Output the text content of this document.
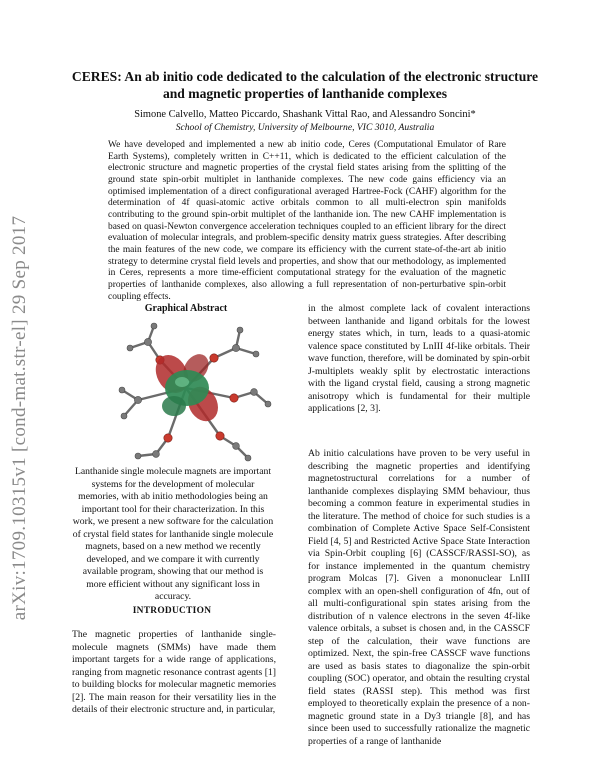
arXiv:1709.10315v1 [cond-mat.str-el] 29 Sep 2017
CERES: An ab initio code dedicated to the calculation of the electronic structure and magnetic properties of lanthanide complexes
Simone Calvello, Matteo Piccardo, Shashank Vittal Rao, and Alessandro Soncini*
School of Chemistry, University of Melbourne, VIC 3010, Australia
We have developed and implemented a new ab initio code, Ceres (Computational Emulator of Rare Earth Systems), completely written in C++11, which is dedicated to the efficient calculation of the electronic structure and magnetic properties of the crystal field states arising from the splitting of the ground state spin-orbit multiplet in lanthanide complexes. The new code gains efficiency via an optimised implementation of a direct configurational averaged Hartree-Fock (CAHF) algorithm for the determination of 4f quasi-atomic active orbitals common to all multi-electron spin manifolds contributing to the ground spin-orbit multiplet of the lanthanide ion. The new CAHF implementation is based on quasi-Newton convergence acceleration techniques coupled to an efficient library for the direct evaluation of molecular integrals, and problem-specific density matrix guess strategies. After describing the main features of the new code, we compare its efficiency with the current state-of-the-art ab initio strategy to determine crystal field levels and properties, and show that our methodology, as implemented in Ceres, represents a more time-efficient computational strategy for the evaluation of the magnetic properties of lanthanide complexes, also allowing a full representation of non-perturbative spin-orbit coupling effects.
Graphical Abstract
Lanthanide single molecule magnets are important systems for the development of molecular memories, with ab initio methodologies being an important tool for their characterization. In this work, we present a new software for the calculation of crystal field states for lanthanide single molecule magnets, based on a new method we recently developed, and we compare it with currently available program, showing that our method is more efficient without any significant loss in accuracy.
INTRODUCTION
The magnetic properties of lanthanide single-molecule magnets (SMMs) have made them important targets for a wide range of applications, ranging from magnetic resonance contrast agents [1] to building blocks for molecular magnetic memories [2]. The main reason for their versatility lies in the details of their electronic structure and, in particular,
in the almost complete lack of covalent interactions between lanthanide and ligand orbitals for the lowest energy states which, in turn, leads to a quasi-atomic valence space constituted by LnIII 4f-like orbitals. Their wave function, therefore, will be dominated by spin-orbit J-multiplets weakly split by electrostatic interactions with the ligand crystal field, causing a strong magnetic anisotropy which is fundamental for their multiple applications [2, 3].
Ab initio calculations have proven to be very useful in describing the magnetic properties and identifying magnetostructural correlations for a number of lanthanide complexes displaying SMM behaviour, thus becoming a common feature in experimental studies in the literature. The method of choice for such studies is a combination of Complete Active Space Self-Consistent Field [4, 5] and Restricted Active Space State Interaction via Spin-Orbit coupling [6] (CASSCF/RASSI-SO), as for instance implemented in the quantum chemistry program Molcas [7]. Given a mononuclear LnIII complex with an open-shell configuration of 4fn, out of all multi-configurational spin states arising from the distribution of n valence electrons in the seven 4f-like valence orbitals, a subset is chosen and, in the CASSCF step of the calculation, their wave functions are optimized. Next, the spin-free CASSCF wave functions are used as basis states to diagonalize the spin-orbit coupling (SOC) operator, and obtain the resulting crystal field states (RASSI step). This method was first employed to theoretically explain the presence of a non-magnetic ground state in a Dy3 triangle [8], and has since been used to successfully rationalize the magnetic properties of a range of lanthanide
